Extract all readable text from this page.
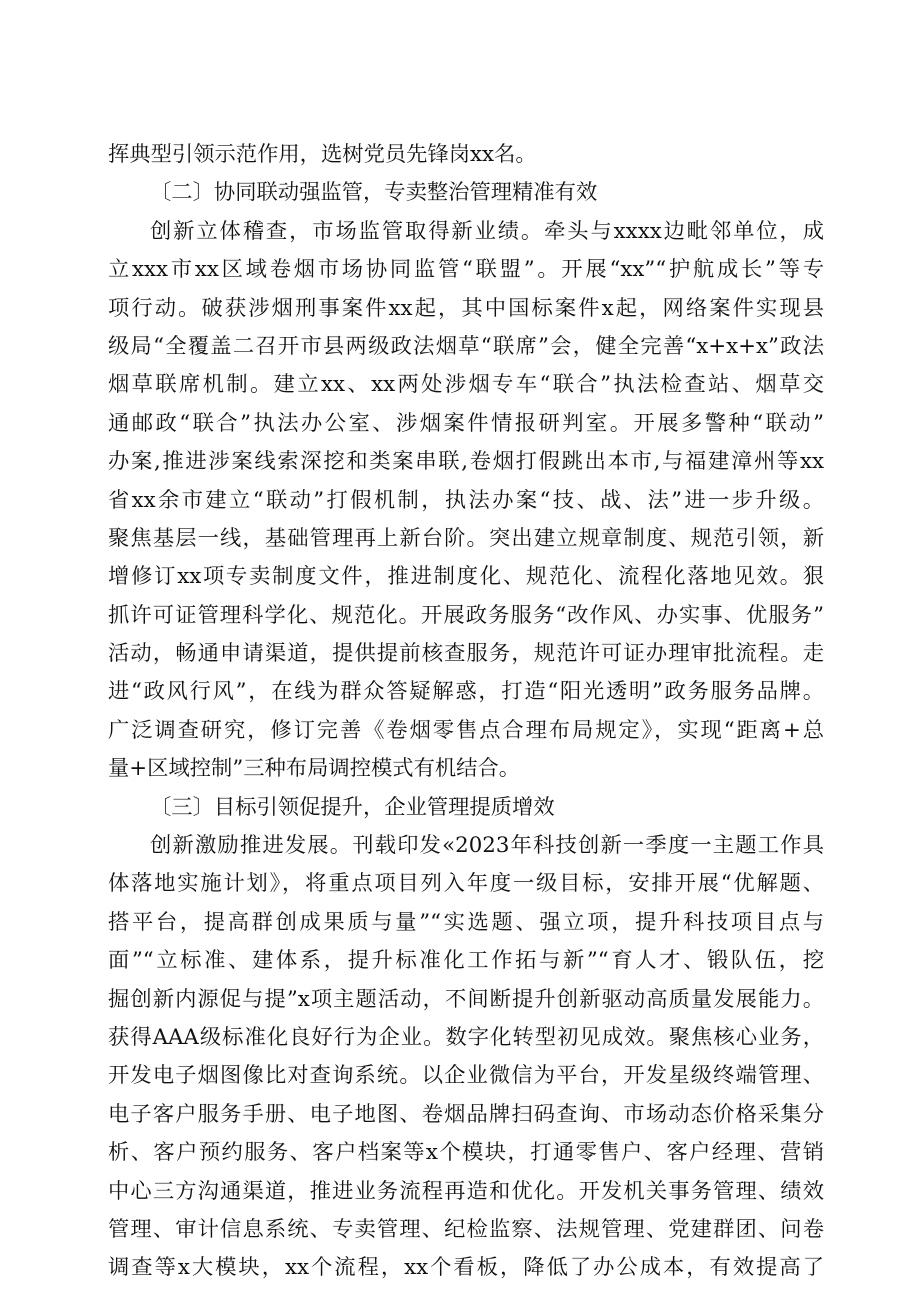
挥典型引领示范作用，选树党员先锋岗xx名。
〔二〕协同联动强监管，专卖整治管理精准有效
创新立体稽查，市场监管取得新业绩。牵头与xxxx边毗邻单位，成
立xxx市xx区域卷烟市场协同监管“联盟”。开展“xx”“护航成长”等专
项行动。破获涉烟刑事案件xx起，其中国标案件x起，网络案件实现县
级局“全覆盖二召开市县两级政法烟草“联席”会，健全完善“x+x+x”政法
烟草联席机制。建立xx、xx两处涉烟专车“联合”执法检查站、烟草交
通邮政“联合”执法办公室、涉烟案件情报研判室。开展多警种“联动”
办案,推进涉案线索深挖和类案串联,卷烟打假跳出本市,与福建漳州等xx
省xx余市建立“联动”打假机制，执法办案“技、战、法”进一步升级。
聚焦基层一线，基础管理再上新台阶。突出建立规章制度、规范引领，新
增修订xx项专卖制度文件，推进制度化、规范化、流程化落地见效。狠
抓许可证管理科学化、规范化。开展政务服务“改作风、办实事、优服务”
活动，畅通申请渠道，提供提前核查服务，规范许可证办理审批流程。走
进“政风行风”，在线为群众答疑解惑，打造“阳光透明”政务服务品牌。
广泛调查研究，修订完善《卷烟零售点合理布局规定》，实现“距离+总
量+区域控制”三种布局调控模式有机结合。
〔三〕目标引领促提升，企业管理提质增效
创新激励推进发展。刊载印发«2023年科技创新一季度一主题工作具
体落地实施计划》，将重点项目列入年度一级目标，安排开展“优解题、
搭平台，提高群创成果质与量”“实选题、强立项，提升科技项目点与
面”“立标准、建体系，提升标准化工作拓与新”“育人才、锻队伍，挖
掘创新内源促与提”x项主题活动，不间断提升创新驱动高质量发展能力。
获得AAA级标准化良好行为企业。数字化转型初见成效。聚焦核心业务，
开发电子烟图像比对查询系统。以企业微信为平台，开发星级终端管理、
电子客户服务手册、电子地图、卷烟品牌扫码查询、市场动态价格采集分
析、客户预约服务、客户档案等x个模块，打通零售户、客户经理、营销
中心三方沟通渠道，推进业务流程再造和优化。开发机关事务管理、绩效
管理、审计信息系统、专卖管理、纪检监察、法规管理、党建群团、问卷
调查等x大模块，xx个流程，xx个看板，降低了办公成本，有效提高了
